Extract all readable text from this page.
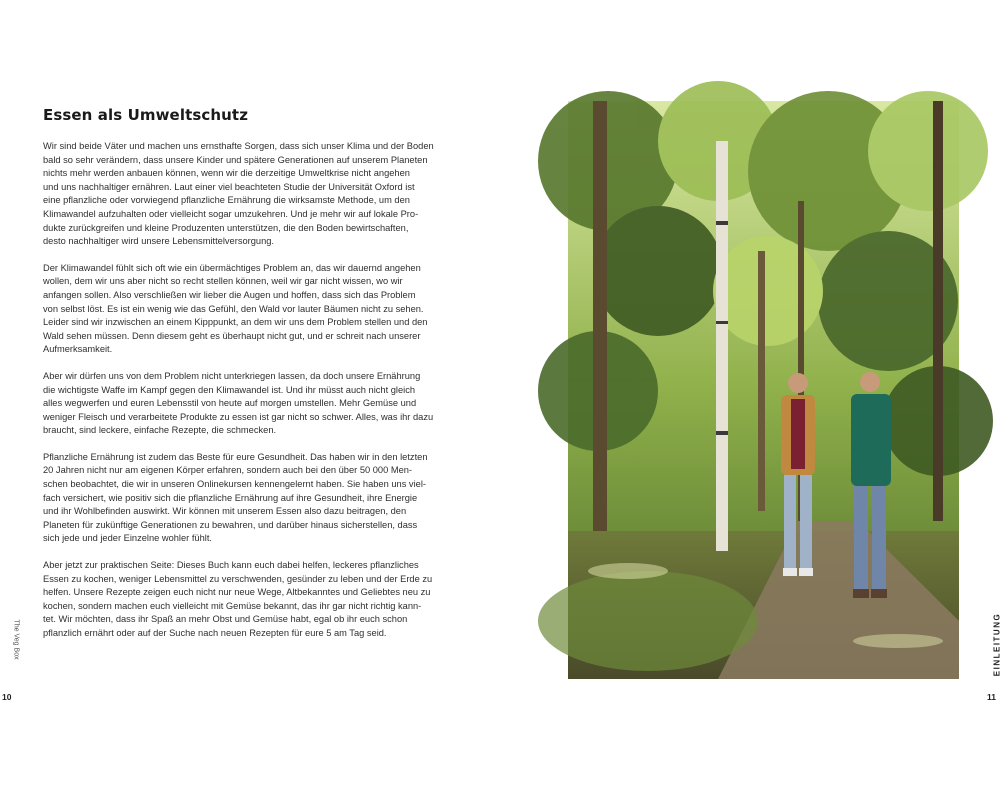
Essen als Umweltschutz

Wir sind beide Väter und machen uns ernsthafte Sorgen, dass sich unser Klima und der Boden
bald so sehr verändern, dass unsere Kinder und spätere Generationen auf unserem Planeten
nichts mehr werden anbauen können, wenn wir die derzeitige Umweltkrise nicht angehen
und uns nachhaltiger ernähren. Laut einer viel beachteten Studie der Universität Oxford ist
eine pflanzliche oder vorwiegend pflanzliche Ernährung die wirksamste Methode, um den
Klimawandel aufzuhalten oder vielleicht sogar umzukehren. Und je mehr wir auf lokale Pro-
dukte zurückgreifen und kleine Produzenten unterstützen, die den Boden bewirtschaften,
desto nachhaltiger wird unsere Lebensmittelversorgung.

Der Klimawandel fühlt sich oft wie ein übermächtiges Problem an, das wir dauernd angehen
wollen, dem wir uns aber nicht so recht stellen können, weil wir gar nicht wissen, wo wir
anfangen sollen. Also verschließen wir lieber die Augen und hoffen, dass sich das Problem
von selbst löst. Es ist ein wenig wie das Gefühl, den Wald vor lauter Bäumen nicht zu sehen.
Leider sind wir inzwischen an einem Kipppunkt, an dem wir uns dem Problem stellen und den
Wald sehen müssen. Denn diesem geht es überhaupt nicht gut, und er schreit nach unserer
Aufmerksamkeit.

Aber wir dürfen uns von dem Problem nicht unterkriegen lassen, da doch unsere Ernährung
die wichtigste Waffe im Kampf gegen den Klimawandel ist. Und ihr müsst auch nicht gleich
alles wegwerfen und euren Lebensstil von heute auf morgen umstellen. Mehr Gemüse und
weniger Fleisch und verarbeitete Produkte zu essen ist gar nicht so schwer. Alles, was ihr dazu
braucht, sind leckere, einfache Rezepte, die schmecken.

Pflanzliche Ernährung ist zudem das Beste für eure Gesundheit. Das haben wir in den letzten
20 Jahren nicht nur am eigenen Körper erfahren, sondern auch bei den über 50 000 Men-
schen beobachtet, die wir in unseren Onlinekursen kennengelernt haben. Sie haben uns viel-
fach versichert, wie positiv sich die pflanzliche Ernährung auf ihre Gesundheit, ihre Energie
und ihr Wohlbefinden auswirkt. Wir können mit unserem Essen also dazu beitragen, den
Planeten für zukünftige Generationen zu bewahren, und darüber hinaus sicherstellen, dass
sich jede und jeder Einzelne wohler fühlt.

Aber jetzt zur praktischen Seite: Dieses Buch kann euch dabei helfen, leckeres pflanzliches
Essen zu kochen, weniger Lebensmittel zu verschwenden, gesünder zu leben und der Erde zu
helfen. Unsere Rezepte zeigen euch nicht nur neue Wege, Altbekanntes und Geliebtes neu zu
kochen, sondern machen euch vielleicht mit Gemüse bekannt, das ihr gar nicht richtig kann-
tet. Wir möchten, dass ihr Spaß an mehr Obst und Gemüse habt, egal ob ihr euch schon
pflanzlich ernährt oder auf der Suche nach neuen Rezepten für eure 5 am Tag seid.

The Veg Box
10
EINLEITUNG
11
